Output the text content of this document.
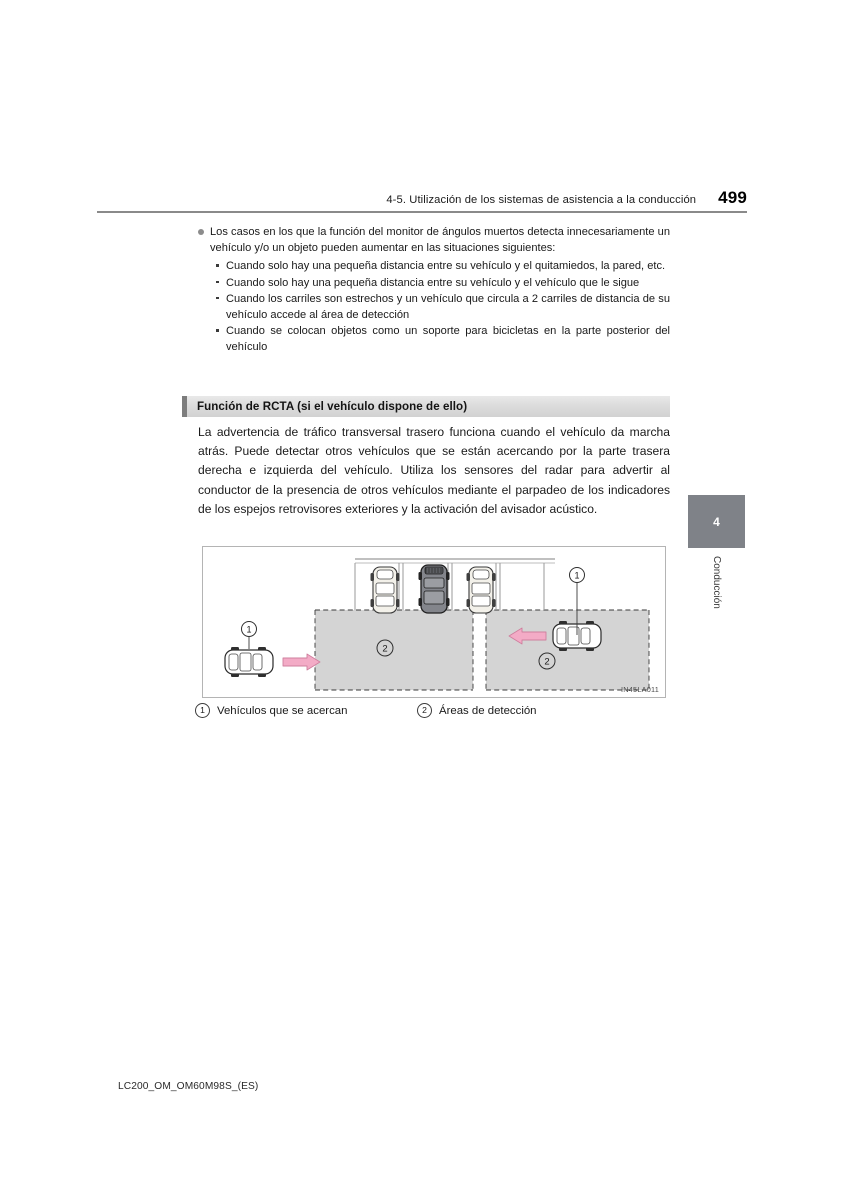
4-5. Utilización de los sistemas de asistencia a la conducción 499
Los casos en los que la función del monitor de ángulos muertos detecta innecesariamente un vehículo y/o un objeto pueden aumentar en las situaciones siguientes:
Cuando solo hay una pequeña distancia entre su vehículo y el quitamiedos, la pared, etc.
Cuando solo hay una pequeña distancia entre su vehículo y el vehículo que le sigue
Cuando los carriles son estrechos y un vehículo que circula a 2 carriles de distancia de su vehículo accede al área de detección
Cuando se colocan objetos como un soporte para bicicletas en la parte posterior del vehículo
Función de RCTA (si el vehículo dispone de ello)
La advertencia de tráfico transversal trasero funciona cuando el vehículo da marcha atrás. Puede detectar otros vehículos que se están acercando por la parte trasera derecha e izquierda del vehículo. Utiliza los sensores del radar para advertir al conductor de la presencia de otros vehículos mediante el parpadeo de los indicadores de los espejos retrovisores exteriores y la activación del avisador acústico.
1
1
2
2
IN45LA011
1	Vehículos que se acercan	2	Áreas de detección
4
Conducción
LC200_OM_OM60M98S_(ES)
